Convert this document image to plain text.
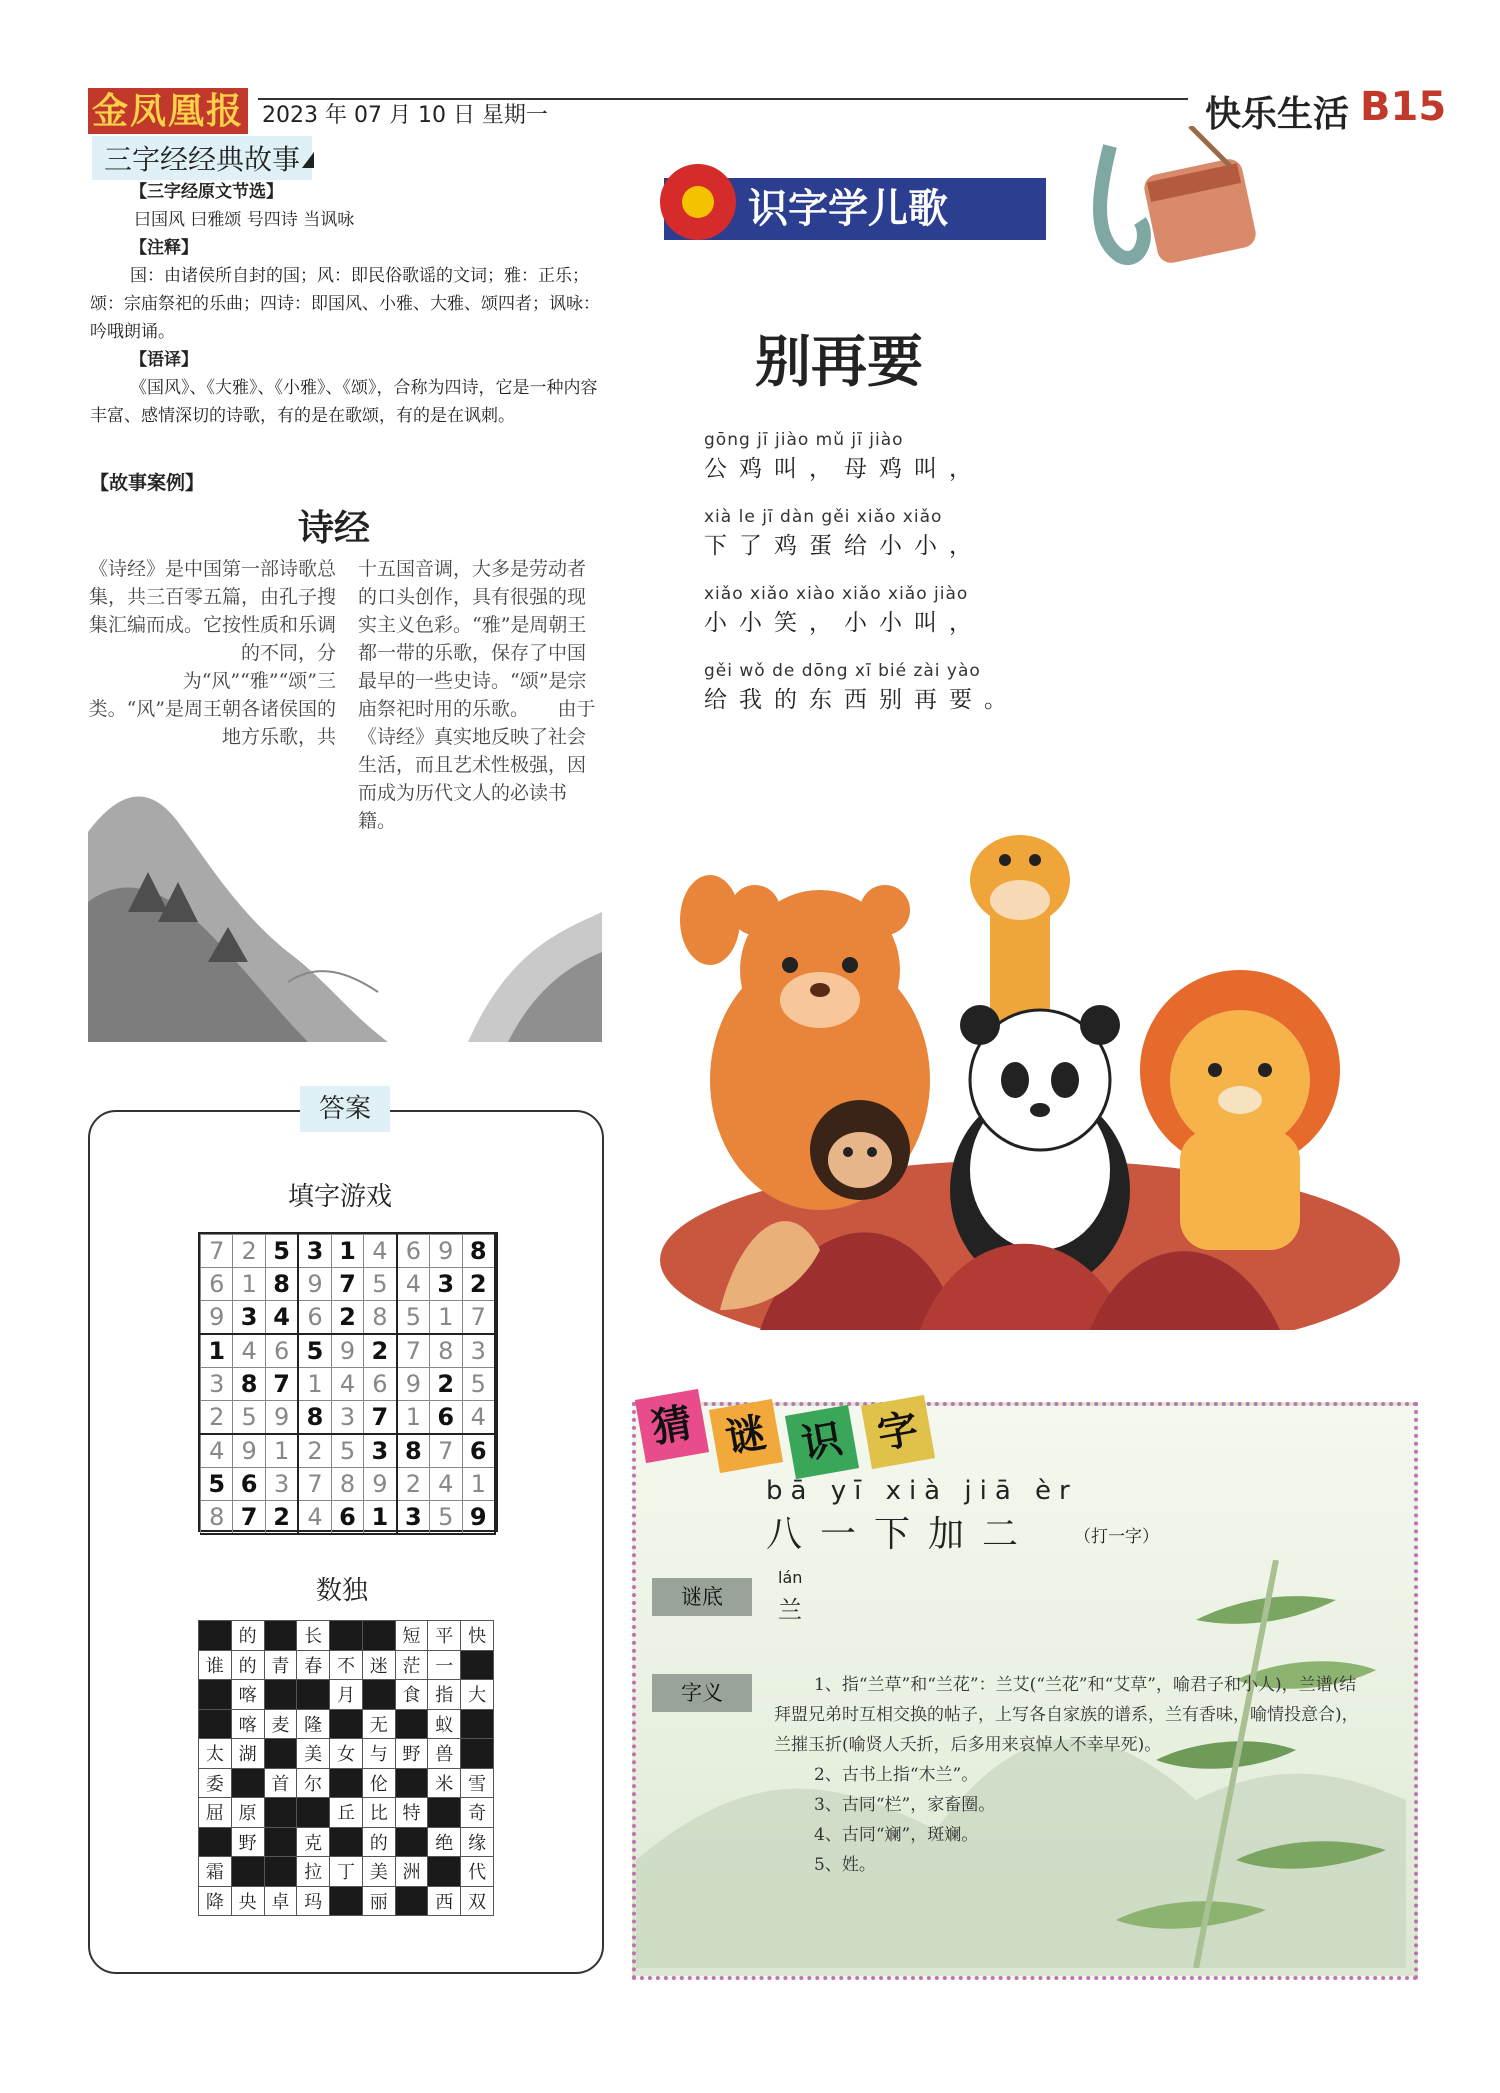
金凤凰报 2023 年 07 月 10 日 星期一	快乐生活 B15
三字经经典故事
【三字经原文节选】
曰国风 曰雅颂 号四诗 当讽咏
【注释】
国：由诸侯所自封的国；风：即民俗歌谣的文词；雅：正乐；颂：宗庙祭祀的乐曲；四诗：即国风、小雅、大雅、颂四者；讽咏：吟哦朗诵。
【语译】
《国风》、《大雅》、《小雅》、《颂》，合称为四诗，它是一种内容丰富、感情深切的诗歌，有的是在歌颂，有的是在讽刺。
【故事案例】
诗经
《诗经》是中国第一部诗歌总集，共三百零五篇，由孔子搜集汇编而成。它按性质和乐调的不同，分为“风”“雅”“颂”三类。“风”是周王朝各诸侯国的地方乐歌，共
十五国音调，大多是劳动者的口头创作，具有很强的现实主义色彩。“雅”是周朝王都一带的乐歌，保存了中国最早的一些史诗。“颂”是宗庙祭祀时用的乐歌。　　由于《诗经》真实地反映了社会生活，而且艺术性极强，因而成为历代文人的必读书籍。
答案
填字游戏
7	2	5	3	1	4	6	9	8
6	1	8	9	7	5	4	3	2
9	3	4	6	2	8	5	1	7
1	4	6	5	9	2	7	8	3
3	8	7	1	4	6	9	2	5
2	5	9	8	3	7	1	6	4
4	9	1	2	5	3	8	7	6
5	6	3	7	8	9	2	4	1
8	7	2	4	6	1	3	5	9
数独
	的		长			短	平	快
谁	的	青	春	不	迷	茫	一	
	喀			月		食	指	大
	喀	麦	隆		无		蚁	
太	湖		美	女	与	野	兽	
委		首	尔		伦		米	雪
屈	原			丘	比	特		奇
	野		克		的		绝	缘
霜			拉	丁	美	洲		代
降	央	卓	玛		丽		西	双
识字学儿歌
别再要
gōng jī jiào mǔ jī jiào
公鸡叫，母鸡叫，
xià le jī dàn gěi xiǎo xiǎo
下了鸡蛋给小小，
xiǎo xiǎo xiào xiǎo xiǎo jiào
小小笑，小小叫，
gěi wǒ de dōng xī bié zài yào
给我的东西别再要。
猜 谜 识 字
bā yī xià jiā èr
八一下加二 （打一字）
谜底
lán
兰
字义	1、指“兰草”和“兰花”：兰艾(“兰花”和“艾草”，喻君子和小人)，兰谱(结拜盟兄弟时互相交换的帖子，上写各自家族的谱系，兰有香味，喻情投意合)，兰摧玉折(喻贤人夭折，后多用来哀悼人不幸早死)。

2、古书上指“木兰”。

3、古同“栏”，家畜圈。

4、古同“斓”，斑斓。

5、姓。
